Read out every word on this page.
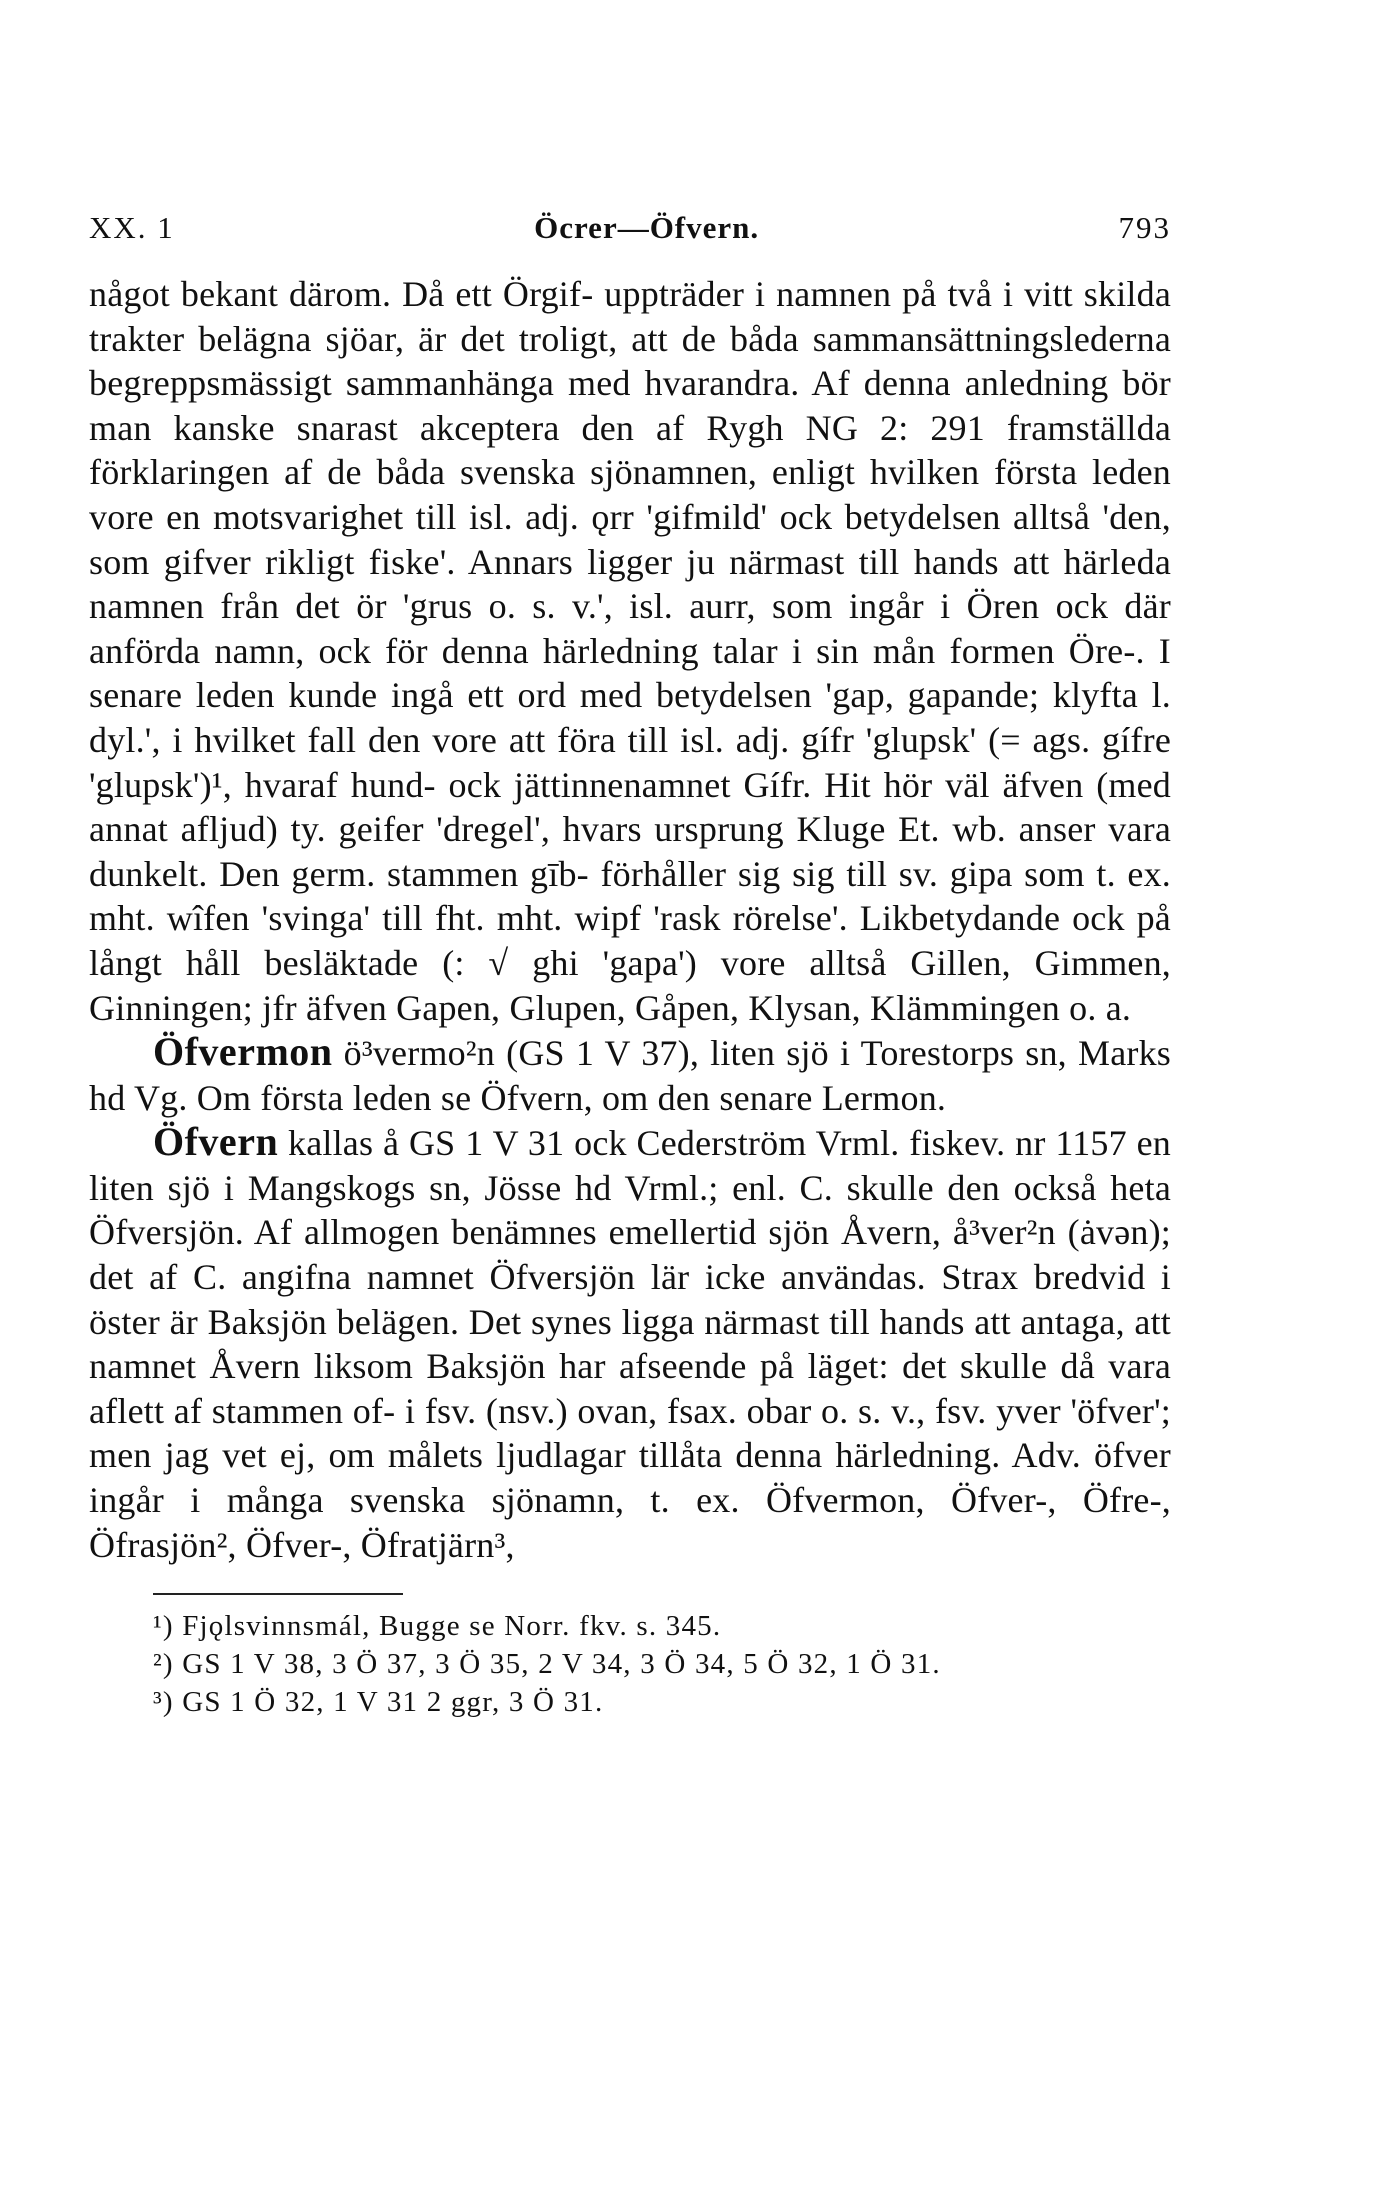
XX. 1	Öcrer—Öfvern.	793

något bekant därom. Då ett Örgif- uppträder i namnen på två i vitt skilda trakter belägna sjöar, är det troligt, att de båda sammansättningslederna begreppsmässigt sammanhänga med hvarandra. Af denna anledning bör man kanske snarast akceptera den af Rygh NG 2: 291 framställda förklaringen af de båda svenska sjönamnen, enligt hvilken första leden vore en motsvarighet till isl. adj. ǫrr 'gifmild' ock betydelsen alltså 'den, som gifver rikligt fiske'. Annars ligger ju närmast till hands att härleda namnen från det ör 'grus o. s. v.', isl. aurr, som ingår i Ören ock där anförda namn, ock för denna härledning talar i sin mån formen Öre-. I senare leden kunde ingå ett ord med betydelsen 'gap, gapande; klyfta l. dyl.', i hvilket fall den vore att föra till isl. adj. gífr 'glupsk' (= ags. gífre 'glupsk')¹, hvaraf hund- ock jättinnenamnet Gífr. Hit hör väl äfven (med annat afljud) ty. geifer 'dregel', hvars ursprung Kluge Et. wb. anser vara dunkelt. Den germ. stammen gīb- förhåller sig sig till sv. gipa som t. ex. mht. wîfen 'svinga' till fht. mht. wipf 'rask rörelse'. Likbetydande ock på långt håll besläktade (: √ ghi 'gapa') vore alltså Gillen, Gimmen, Ginningen; jfr äfven Gapen, Glupen, Gåpen, Klysan, Klämmingen o. a.

Öfvermon ö³vermo²n (GS 1 V 37), liten sjö i Torestorps sn, Marks hd Vg. Om första leden se Öfvern, om den senare Lermon.

Öfvern kallas å GS 1 V 31 ock Cederström Vrml. fiskev. nr 1157 en liten sjö i Mangskogs sn, Jösse hd Vrml.; enl. C. skulle den också heta Öfversjön. Af allmogen benämnes emellertid sjön Åvern, å³ver²n (ȧvən); det af C. angifna namnet Öfversjön lär icke användas. Strax bredvid i öster är Baksjön belägen. Det synes ligga närmast till hands att antaga, att namnet Åvern liksom Baksjön har afseende på läget: det skulle då vara aflett af stammen of- i fsv. (nsv.) ovan, fsax. obar o. s. v., fsv. yver 'öfver'; men jag vet ej, om målets ljudlagar tillåta denna härledning. Adv. öfver ingår i många svenska sjönamn, t. ex. Öfvermon, Öfver-, Öfre-, Öfrasjön², Öfver-, Öfratjärn³,

¹) Fjǫlsvinnsmál, Bugge se Norr. fkv. s. 345.

²) GS 1 V 38, 3 Ö 37, 3 Ö 35, 2 V 34, 3 Ö 34, 5 Ö 32, 1 Ö 31.

³) GS 1 Ö 32, 1 V 31 2 ggr, 3 Ö 31.
